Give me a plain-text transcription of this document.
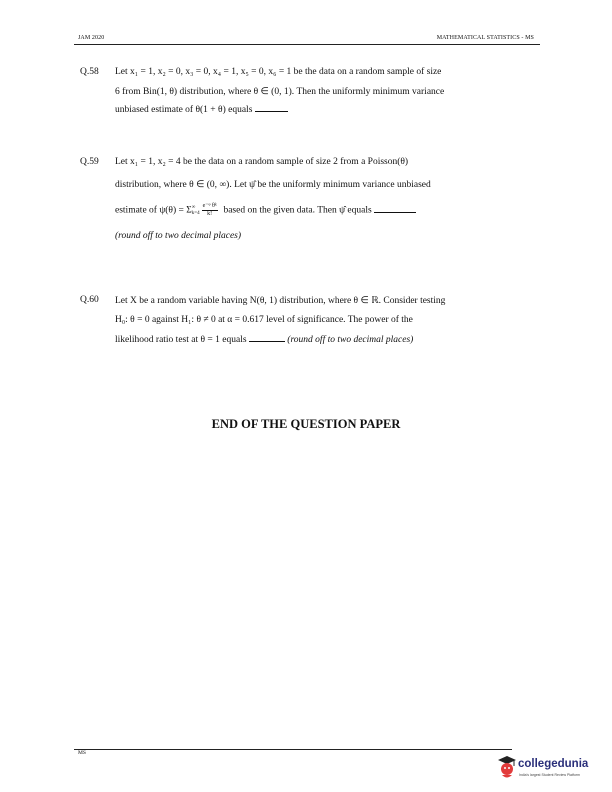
JAM 2020	MATHEMATICAL STATISTICS - MS
Q.58 Let x₁ = 1, x₂ = 0, x₃ = 0, x₄ = 1, x₅ = 0, x₆ = 1 be the data on a random sample of size
6 from Bin(1, θ) distribution, where θ ∈ (0, 1). Then the uniformly minimum variance
unbiased estimate of θ(1 + θ) equals
Q.59 Let x₁ = 1, x₂ = 4 be the data on a random sample of size 2 from a Poisson(θ)
distribution, where θ ∈ (0, ∞). Let ψ̂ be the uniformly minimum variance unbiased
estimate of ψ(θ) = Σ ∞
$k=4 \frac{\text{e⁻ᵠ θᵏ}}{k!}$ based on the given data. Then ψ̂ equals
(round off to two decimal places)
Q.60 Let X be a random variable having N(θ, 1) distribution, where θ ∈ ℝ. Consider testing
H₀: θ = 0 against H₁: θ ≠ 0 at α = 0.617 level of significance. The power of the
likelihood ratio test at θ = 1 equals	(round off to two decimal places)
END OF THE QUESTION PAPER
MS
collegedunia
India's largest Student Review Platform
